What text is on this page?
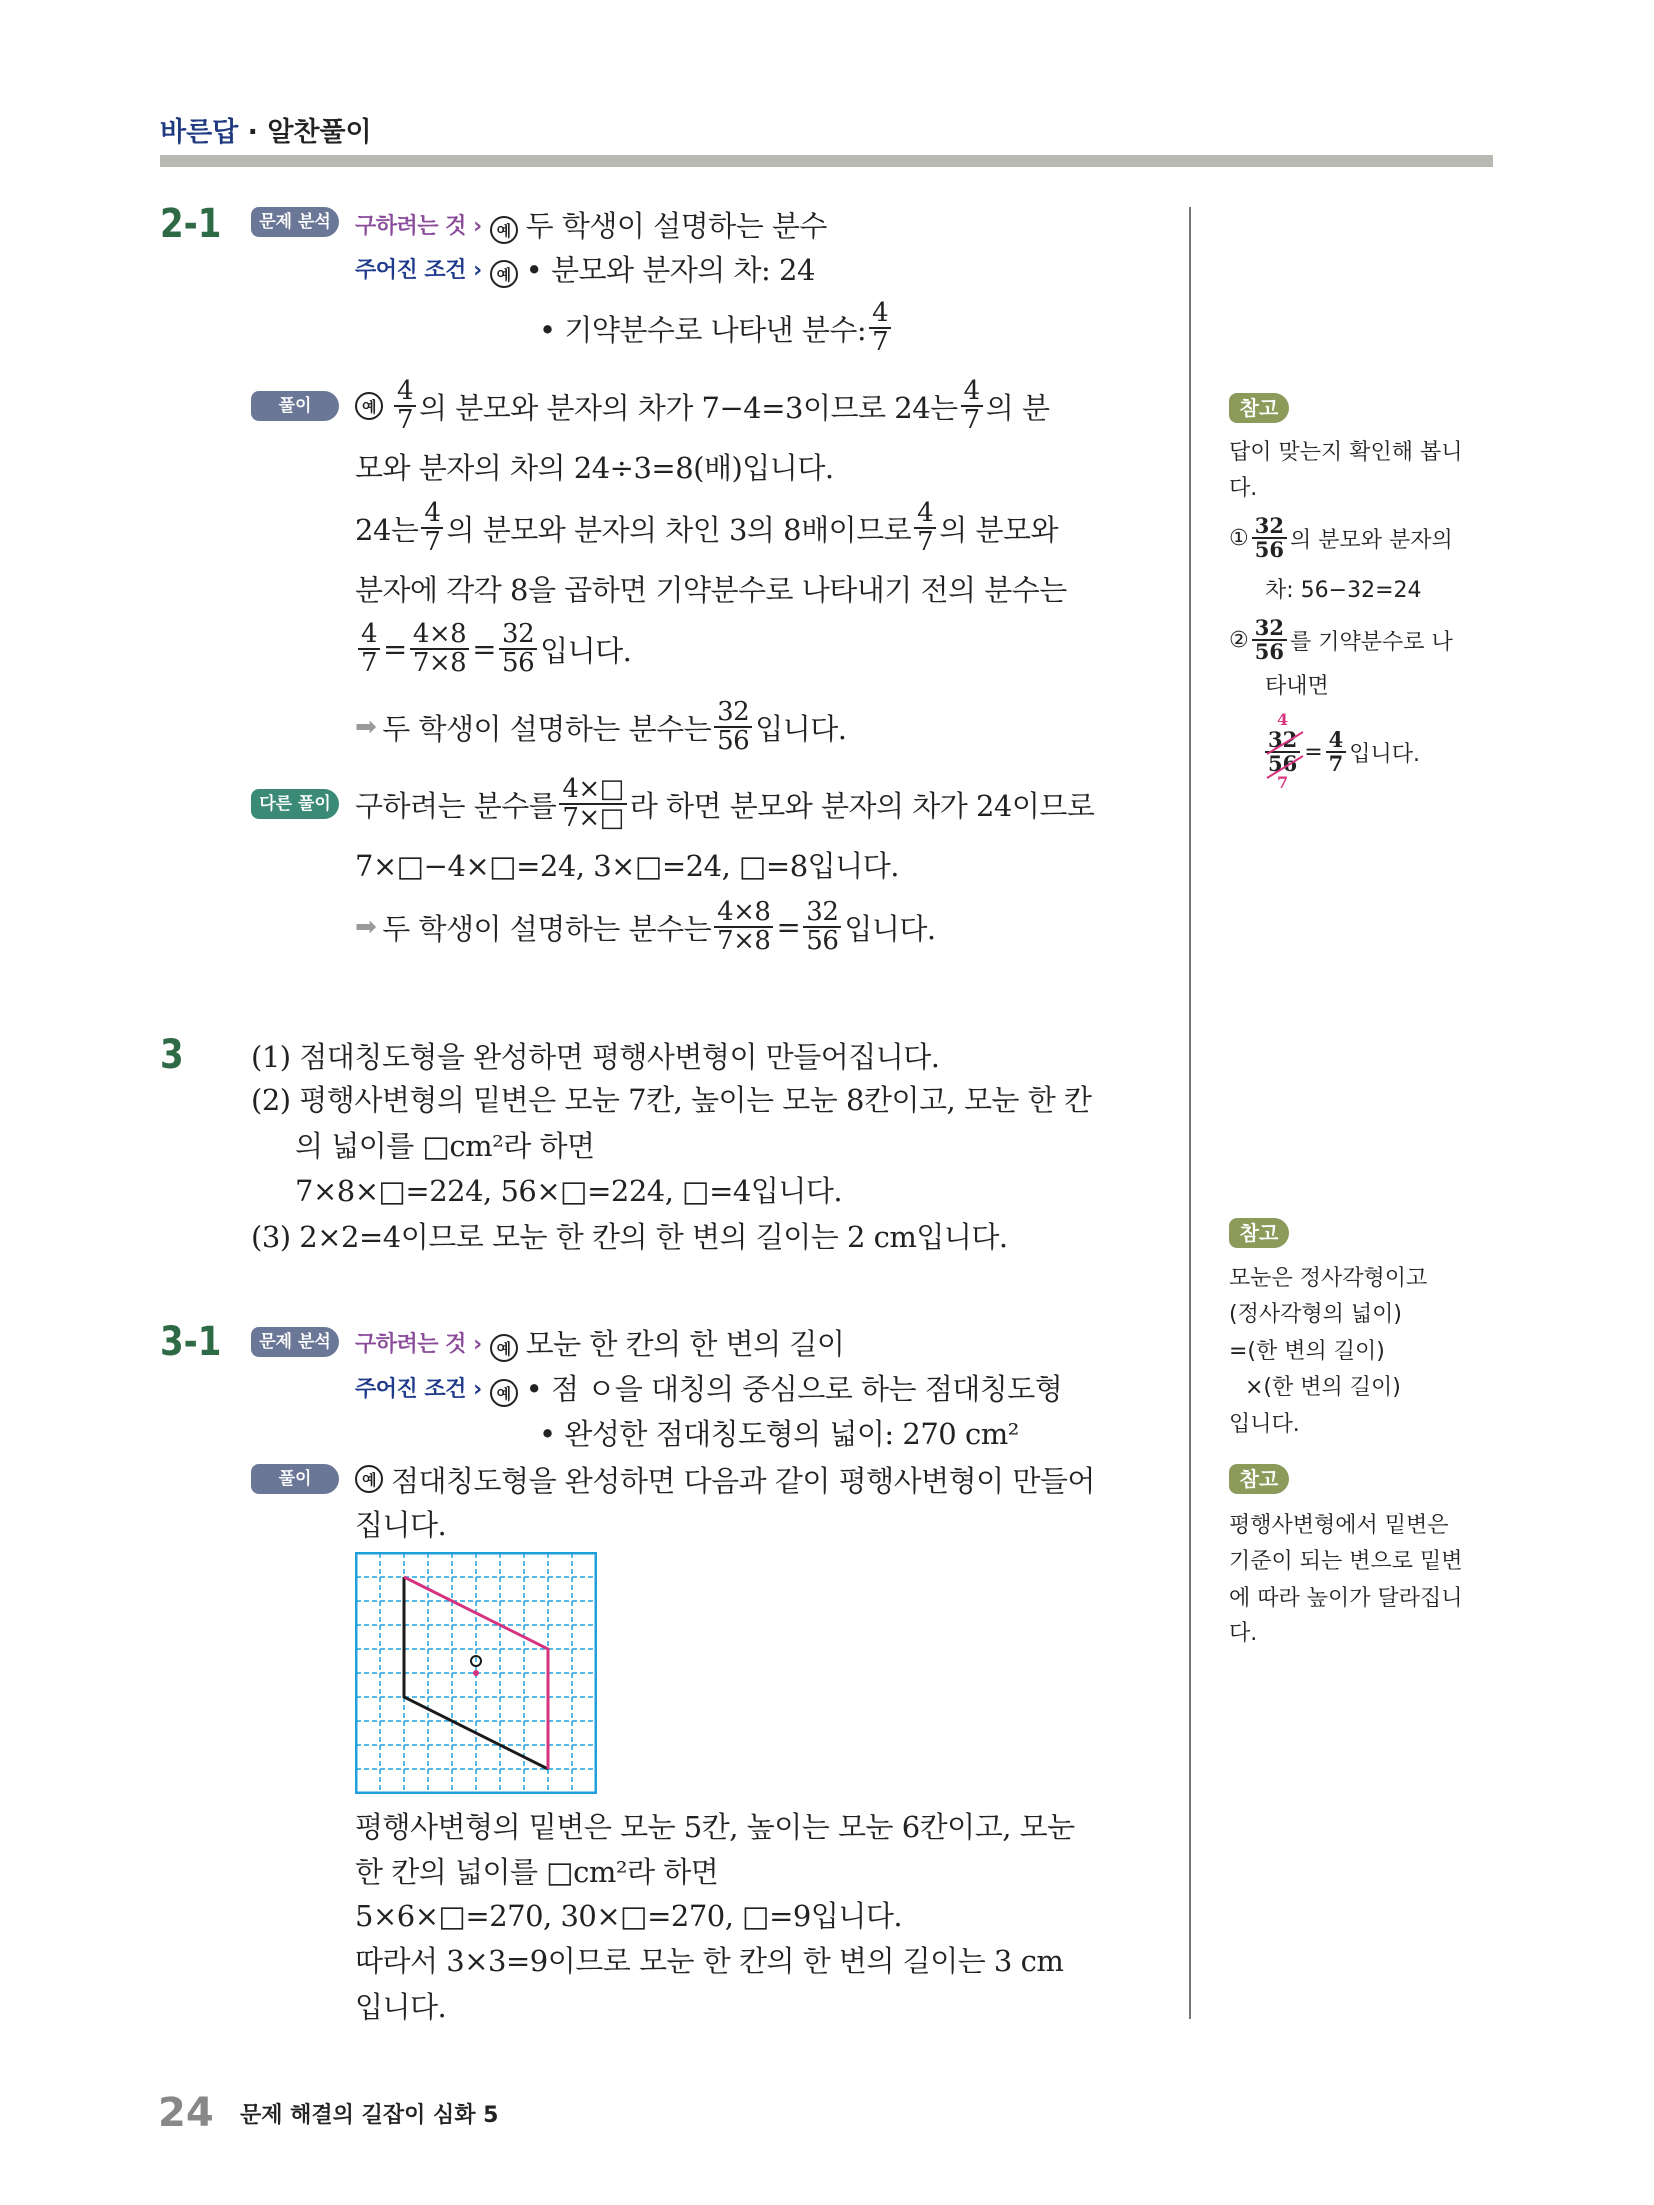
바른답 · 알찬풀이
2-1	문제 분석	구하려는 것 ›	예 두 학생이 설명하는 분수
주어진 조건 ›	예 • 분모와 분자의 차: 24
• 기약분수로 나타낸 분수: $\frac{4}{7}$
풀이	예 $\frac{4}{7}$ 의 분모와 분자의 차가 7−4=3이므로 24는 $\frac{4}{7}$ 의 분
모와 분자의 차의 24÷3=8(배)입니다.
24는 $\frac{4}{7}$ 의 분모와 분자의 차인 3의 8배이므로 $\frac{4}{7}$ 의 분모와
분자에 각각 8을 곱하면 기약분수로 나타내기 전의 분수는
$\frac{4}{7} = \frac{4\times 8}{7\times 8} = \frac{32}{56}$ 입니다.
➡ 두 학생이 설명하는 분수는 $\frac{32}{56}$ 입니다.
다른 풀이 구하려는 분수를 $\frac{4\times□}{7\times□}$ 라 하면 분모와 분자의 차가 24이므로
7×□−4×□=24, 3×□=24, □=8입니다.
➡ 두 학생이 설명하는 분수는 $\frac{4\times 8}{7\times 8} = \frac{32}{56}$ 입니다.
3 (1) 점대칭도형을 완성하면 평행사변형이 만들어집니다.
(2) 평행사변형의 밑변은 모눈 7칸, 높이는 모눈 8칸이고, 모눈 한 칸
의 넓이를 □cm²라 하면
7×8×□=224, 56×□=224, □=4입니다.
(3) 2×2=4이므로 모눈 한 칸의 한 변의 길이는 2 cm입니다.
3-1	문제 분석	구하려는 것 ›	예 모눈 한 칸의 한 변의 길이
주어진 조건 ›	예 • 점 ㅇ을 대칭의 중심으로 하는 점대칭도형
• 완성한 점대칭도형의 넓이: 270 cm²
풀이	예 점대칭도형을 완성하면 다음과 같이 평행사변형이 만들어
집니다.
평행사변형의 밑변은 모눈 5칸, 높이는 모눈 6칸이고, 모눈
한 칸의 넓이를 □cm²라 하면
5×6×□=270, 30×□=270, □=9입니다.
따라서 3×3=9이므로 모눈 한 칸의 한 변의 길이는 3 cm
입니다.
참고
답이 맞는지 확인해 봅니
다.
① $\frac{32}{56}$ 의 분모와 분자의
차: 56−32=24
② $\frac{32}{56}$ 를 기약분수로 나
타내면
4
32
56
7
= $\frac{4}{7}$ 입니다.
참고
모눈은 정사각형이고
(정사각형의 넓이)
=(한 변의 길이)
×(한 변의 길이)
입니다.
참고
평행사변형에서 밑변은
기준이 되는 변으로 밑변
에 따라 높이가 달라집니
다.
24 문제 해결의 길잡이 심화 5
